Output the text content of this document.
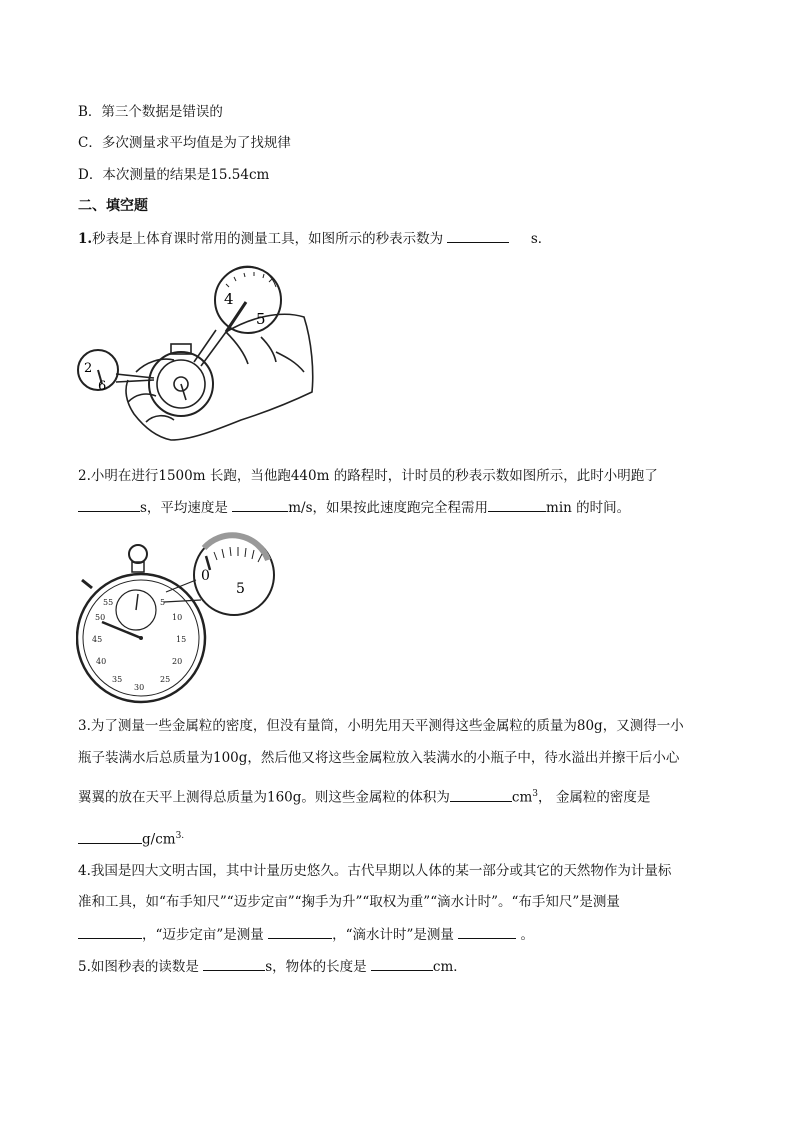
B．第三个数据是错误的
C．多次测量求平均值是为了找规律
D．本次测量的结果是15.54cm
二、填空题
1.秒表是上体育课时常用的测量工具，如图所示的秒表示数为	s．
4
5
2
6
2.小明在进行1500m 长跑，当他跑440m 的路程时，计时员的秒表示数如图所示，此时小明跑了
s，平均速度是	m/s，如果按此速度跑完全程需用	min 的时间。
55	5
10
15
20
25
30
35
40
45
50
0
5
3.为了测量一些金属粒的密度，但没有量筒，小明先用天平测得这些金属粒的质量为80g，又测得一小
瓶子装满水后总质量为100g，然后他又将这些金属粒放入装满水的小瓶子中，待水溢出并擦干后小心
翼翼的放在天平上测得总质量为160g。则这些金属粒的体积为	$cm^3$， 金属粒的密度是
$g/cm^{3.}$
4.我国是四大文明古国，其中计量历史悠久。古代早期以人体的某一部分或其它的天然物作为计量标
准和工具，如“布手知尺”“迈步定亩”“掬手为升”“取权为重”“滴水计时”。“布手知尺”是测量
，“迈步定亩”是测量	，“滴水计时”是测量	。
5.如图秒表的读数是	s，物体的长度是	cm．
